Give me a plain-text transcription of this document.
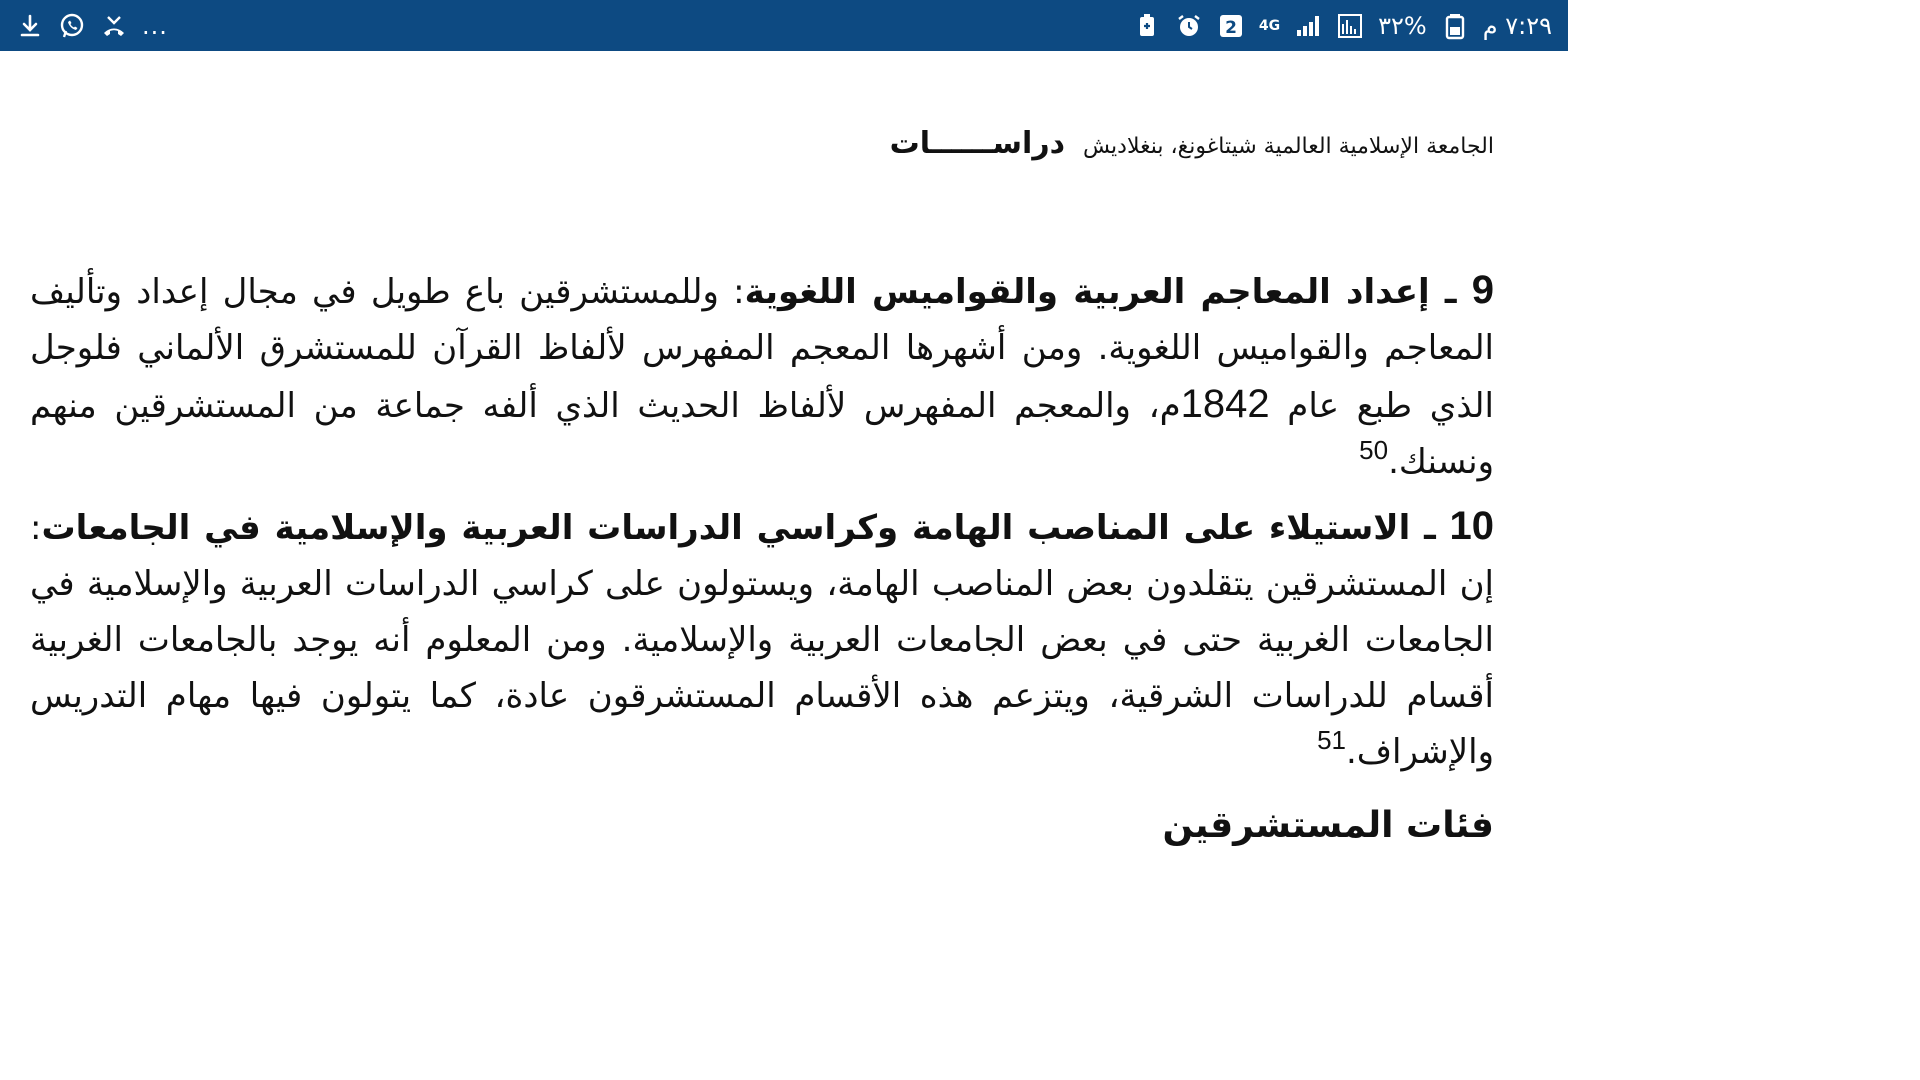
...	2 4G	٣٢% ٧:٢٩ م
دراســــــات الجامعة الإسلامية العالمية شيتاغونغ، بنغلاديش

9 ـ إعداد المعاجم العربية والقواميس اللغوية: وللمستشرقين باع طويل في مجال إعداد وتأليف المعاجم والقواميس اللغوية. ومن أشهرها المعجم المفهرس لألفاظ القرآن للمستشرق الألماني فلوجل الذي طبع عام 1842م، والمعجم المفهرس لألفاظ الحديث الذي ألفه جماعة من المستشرقين منهم ونسنك.$^{50}$

10 ـ الاستيلاء على المناصب الهامة وكراسي الدراسات العربية والإسلامية في الجامعات: إن المستشرقين يتقلدون بعض المناصب الهامة، ويستولون على كراسي الدراسات العربية والإسلامية في الجامعات الغربية حتى في بعض الجامعات العربية والإسلامية. ومن المعلوم أنه يوجد بالجامعات الغربية أقسام للدراسات الشرقية، ويتزعم هذه الأقسام المستشرقون عادة، كما يتولون فيها مهام التدريس والإشراف.$^{51}$

فئات المستشرقين
